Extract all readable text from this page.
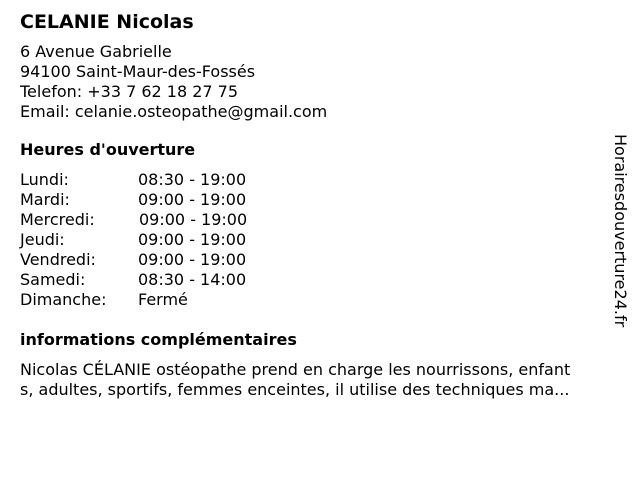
CELANIE Nicolas
6 Avenue Gabrielle
94100 Saint-Maur-des-Fossés
Telefon: +33 7 62 18 27 75
Email: celanie.osteopathe@gmail.com
Heures d'ouverture
Lundi:	08:30 - 19:00
Mardi:	09:00 - 19:00
Mercredi:	09:00 - 19:00
Jeudi:	09:00 - 19:00
Vendredi:	09:00 - 19:00
Samedi:	08:30 - 14:00
Dimanche: Fermé
informations complémentaires
Nicolas CÉLANIE ostéopathe prend en charge les nourrissons, enfant
s, adultes, sportifs, femmes enceintes, il utilise des techniques ma...
Horairesdouverture24.fr
